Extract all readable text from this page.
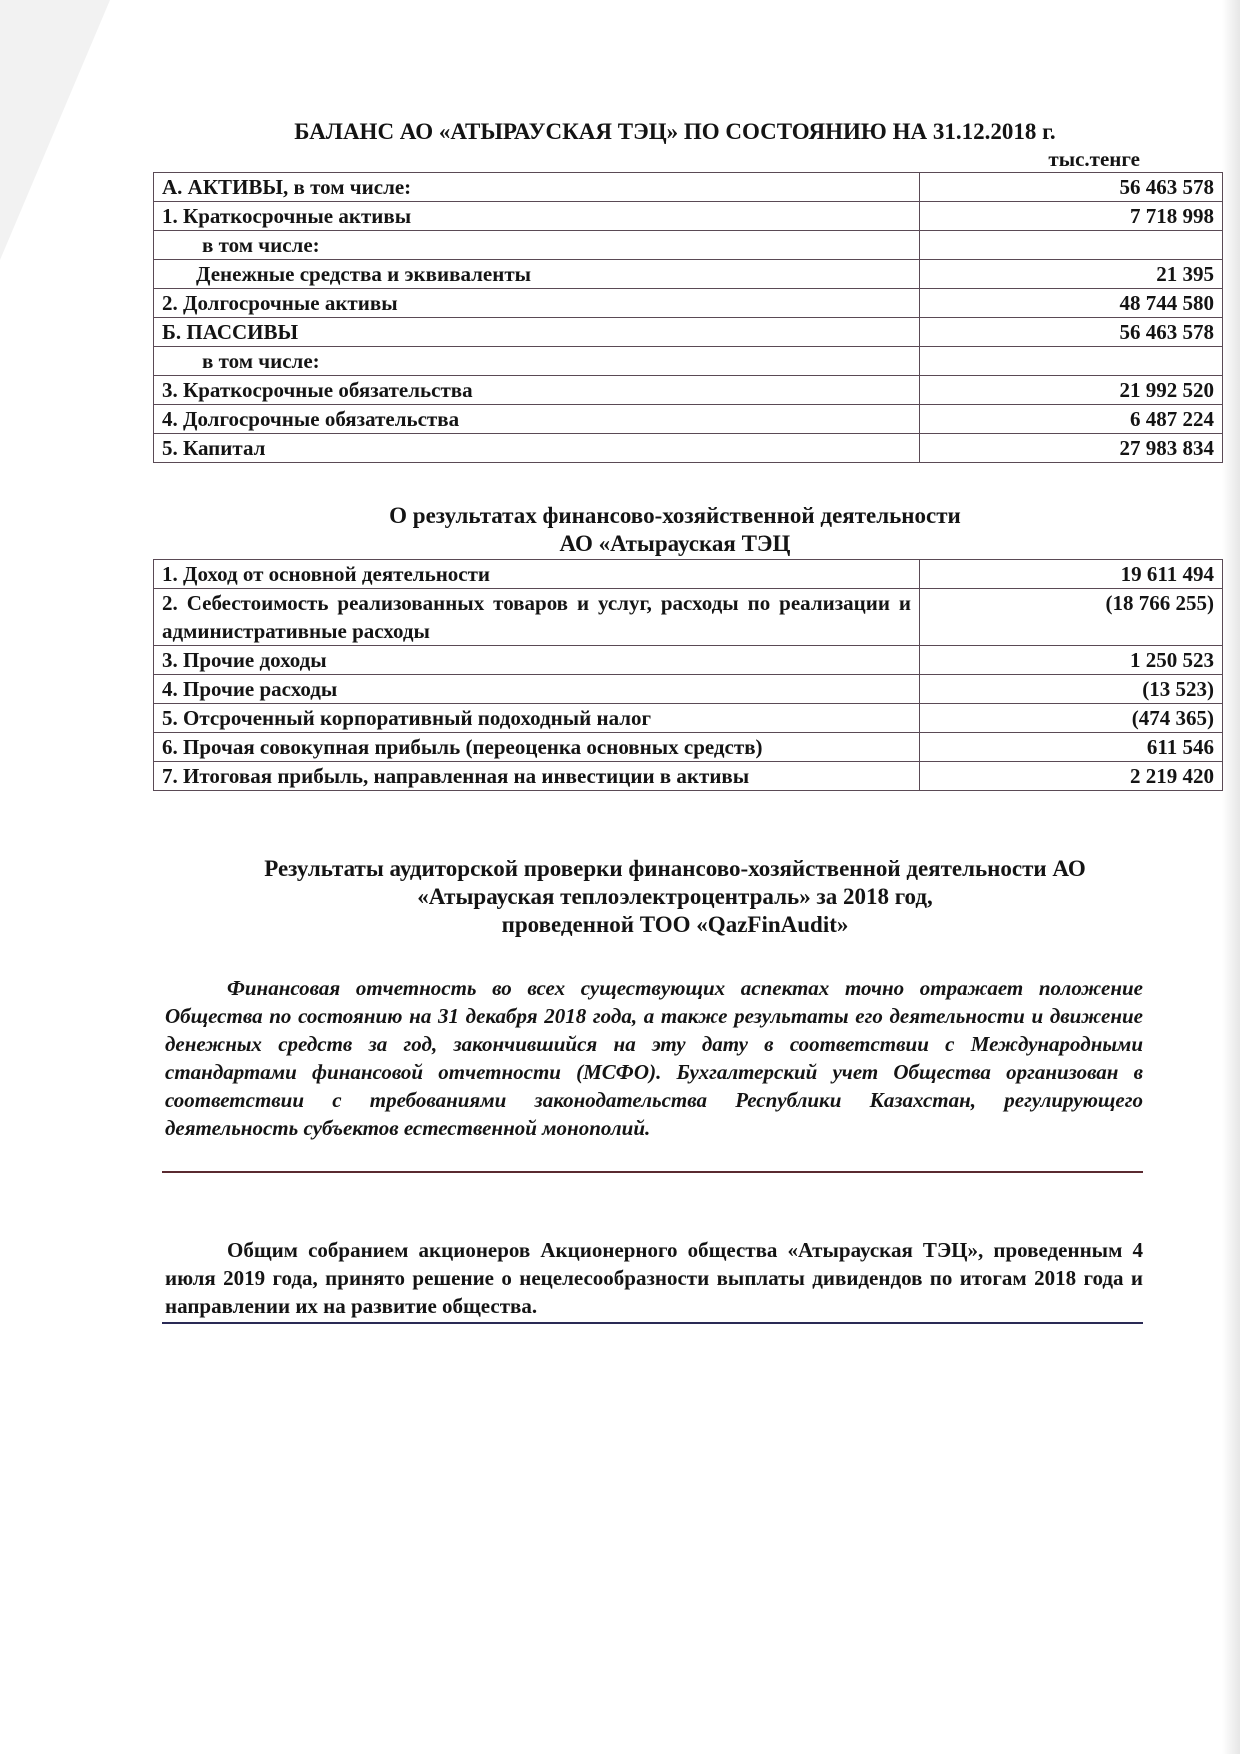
БАЛАНС АО «АТЫРАУСКАЯ ТЭЦ» ПО СОСТОЯНИЮ НА 31.12.2018 г.
тыс.тенге
А. АКТИВЫ, в том числе:	56 463 578
1. Краткосрочные активы	7 718 998
в том числе:	
Денежные средства и эквиваленты	21 395
2. Долгосрочные активы	48 744 580
Б. ПАССИВЫ	56 463 578
в том числе:	
3. Краткосрочные обязательства	21 992 520
4. Долгосрочные обязательства	6 487 224
5. Капитал	27 983 834
О результатах финансово-хозяйственной деятельности
АО «Атырауская ТЭЦ
1. Доход от основной деятельности	19 611 494
2. Себестоимость реализованных товаров и услуг, расходы по реализации и административные расходы	(18 766 255)
3. Прочие доходы	1 250 523
4. Прочие расходы	(13 523)
5. Отсроченный корпоративный подоходный налог	(474 365)
6. Прочая совокупная прибыль (переоценка основных средств)	611 546
7. Итоговая прибыль, направленная на инвестиции в активы	2 219 420
Результаты аудиторской проверки финансово-хозяйственной деятельности АО
«Атырауская теплоэлектроцентраль» за 2018 год,
проведенной ТОО «QazFinAudit»
Финансовая отчетность во всех существующих аспектах точно отражает положение Общества по состоянию на 31 декабря 2018 года, а также результаты его деятельности и движение денежных средств за год, закончившийся на эту дату в соответствии с Международными стандартами финансовой отчетности (МСФО). Бухгалтерский учет Общества организован в соответствии с требованиями законодательства Республики Казахстан, регулирующего деятельность субъектов естественной монополий.
Общим собранием акционеров Акционерного общества «Атырауская ТЭЦ», проведенным 4 июля 2019 года, принято решение о нецелесообразности выплаты дивидендов по итогам 2018 года и направлении их на развитие общества.
